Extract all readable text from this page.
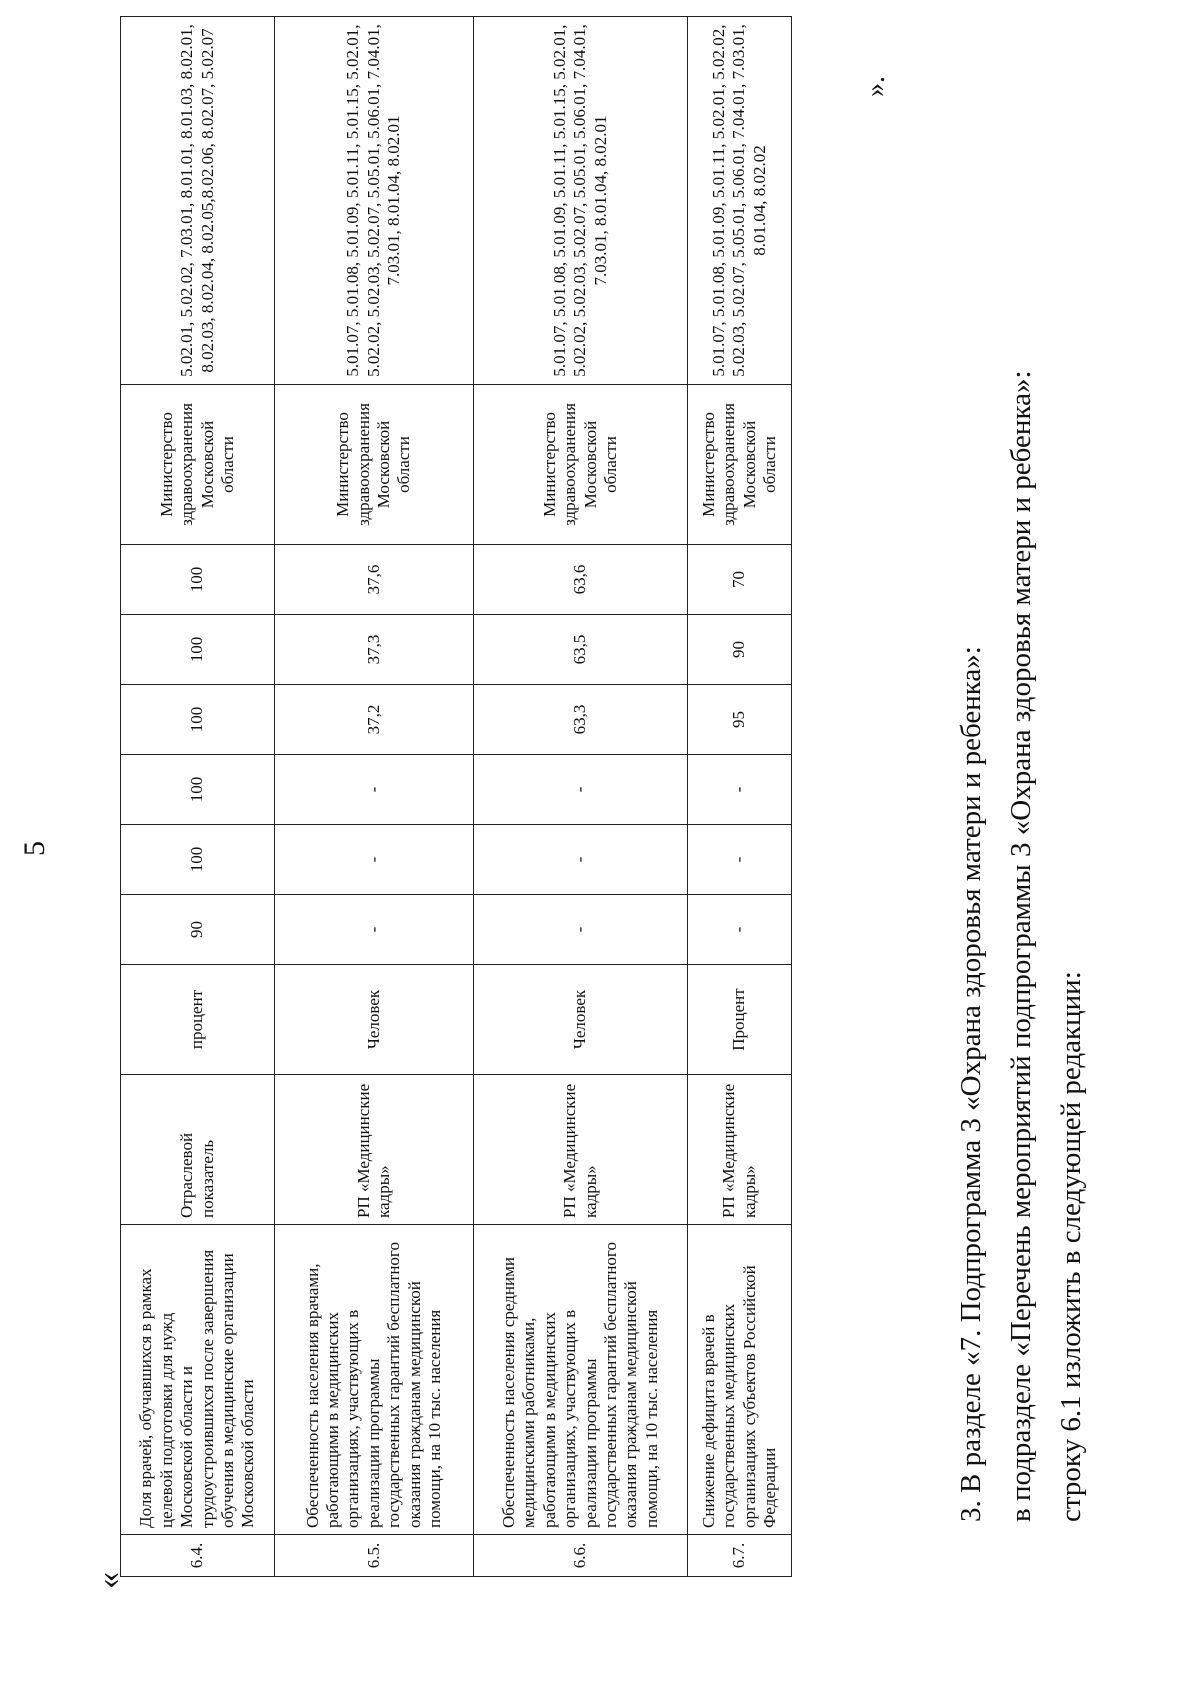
5
«
6.4.	Доля врачей, обучавшихся в рамках целевой подготовки для нужд Московской области и трудоустроившихся после завершения обучения в медицинские организации Московской области	Отраслевой показатель	процент	90	100	100	100	100	100	Министерство здравоохранения Московской области	5.02.01, 5.02.02, 7.03.01, 8.01.01, 8.01.03, 8.02.01, 8.02.03, 8.02.04, 8.02.05,8.02.06, 8.02.07, 5.02.07
6.5.	Обеспеченность населения врачами, работающими в медицинских организациях, участвующих в реализации программы государственных гарантий бесплатного оказания гражданам медицинской помощи, на 10 тыс. населения	РП «Медицинские кадры»	Человек	-	-	-	37,2	37,3	37,6	Министерство здравоохранения Московской области	5.01.07, 5.01.08, 5.01.09, 5.01.11, 5.01.15, 5.02.01, 5.02.02, 5.02.03, 5.02.07, 5.05.01, 5.06.01, 7.04.01, 7.03.01, 8.01.04, 8.02.01
6.6.	Обеспеченность населения средними медицинскими работниками, работающими в медицинских организациях, участвующих в реализации программы государственных гарантий бесплатного оказания гражданам медицинской помощи, на 10 тыс. населения	РП «Медицинские кадры»	Человек	-	-	-	63,3	63,5	63,6	Министерство здравоохранения Московской области	5.01.07, 5.01.08, 5.01.09, 5.01.11, 5.01.15, 5.02.01, 5.02.02, 5.02.03, 5.02.07, 5.05.01, 5.06.01, 7.04.01, 7.03.01, 8.01.04, 8.02.01
6.7.	Снижение дефицита врачей в государственных медицинских организациях субъектов Российской Федерации	РП «Медицинские кадры»	Процент	-	-	-	95	90	70	Министерство здравоохранения Московской области	5.01.07, 5.01.08, 5.01.09, 5.01.11, 5.02.01, 5.02.02, 5.02.03, 5.02.07, 5.05.01, 5.06.01, 7.04.01, 7.03.01, 8.01.04, 8.02.02
».
3. В разделе «7. Подпрограмма 3 «Охрана здоровья матери и ребенка»: в подразделе «Перечень мероприятий подпрограммы 3 «Охрана здоровья матери и ребенка»: строку 6.1 изложить в следующей редакции:
